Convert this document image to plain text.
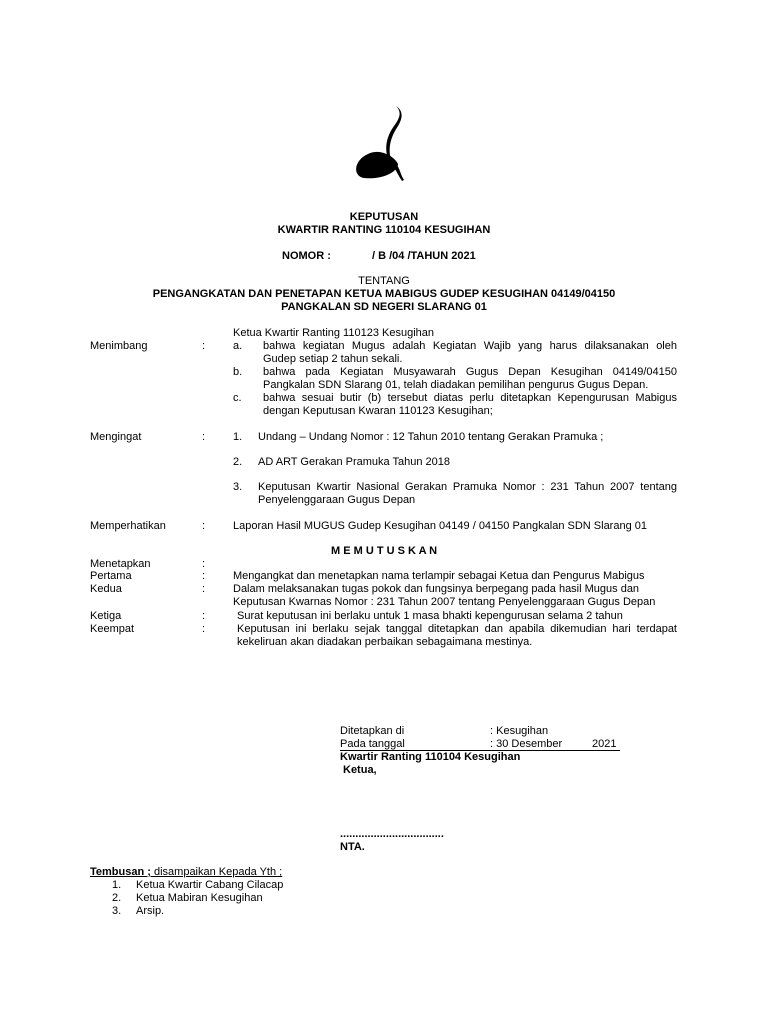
KEPUTUSAN
KWARTIR RANTING 110104 KESUGIHAN
NOMOR :	/ B /04 /TAHUN 2021
TENTANG
PENGANGKATAN DAN PENETAPAN KETUA MABIGUS GUDEP KESUGIHAN 04149/04150
PANGKALAN SD NEGERI SLARANG 01
Ketua Kwartir Ranting 110123 Kesugihan
Menimbang	:	a. bahwa kegiatan Mugus adalah Kegiatan Wajib yang harus dilaksanakan oleh
Gudep setiap 2 tahun sekali.
b. bahwa pada Kegiatan Musyawarah Gugus Depan Kesugihan 04149/04150
Pangkalan SDN Slarang 01, telah diadakan pemilihan pengurus Gugus Depan.
c. bahwa sesuai butir (b) tersebut diatas perlu ditetapkan Kepengurusan Mabigus
dengan Keputusan Kwaran 110123 Kesugihan;
Mengingat	:	1. Undang – Undang Nomor : 12 Tahun 2010 tentang Gerakan Pramuka ;
2. AD ART Gerakan Pramuka Tahun 2018
3. Keputusan Kwartir Nasional Gerakan Pramuka Nomor : 231 Tahun 2007 tentang
Penyelenggaraan Gugus Depan
Memperhatikan	:	Laporan Hasil MUGUS Gudep Kesugihan 04149 / 04150 Pangkalan SDN Slarang 01
M E M U T U S K A N
Menetapkan	:
Pertama	:	Mengangkat dan menetapkan nama terlampir sebagai Ketua dan Pengurus Mabigus
Kedua	:	Dalam melaksanakan tugas pokok dan fungsinya berpegang pada hasil Mugus dan
Keputusan Kwarnas Nomor : 231 Tahun 2007 tentang Penyelenggaraan Gugus Depan
Ketiga	:	Surat keputusan ini berlaku untuk 1 masa bhakti kepengurusan selama 2 tahun
Keempat	:	Keputusan ini berlaku sejak tanggal ditetapkan dan apabila dikemudian hari terdapat
kekeliruan akan diadakan perbaikan sebagaimana mestinya.
Ditetapkan di	: Kesugihan
Pada tanggal	: 30 Desember	2021
Kwartir Ranting 110104 Kesugihan
Ketua,
..................................
NTA.
Tembusan ; disampaikan Kepada Yth ;
1. Ketua Kwartir Cabang Cilacap
2. Ketua Mabiran Kesugihan
3. Arsip.
